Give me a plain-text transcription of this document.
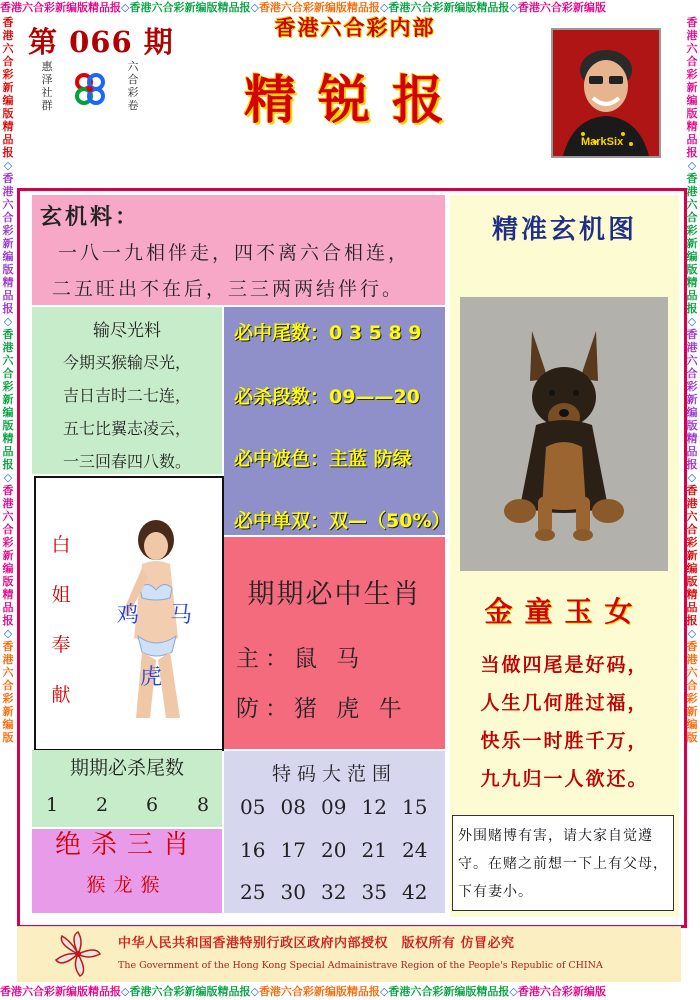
香港六合彩新编版精品报◇香港六合彩新编版精品报◇香港六合彩新编版精品报◇香港六合彩新编版精品报◇香港六合彩新编版
香港六合彩新编版精品报◇香港六合彩新编版精品报◇香港六合彩新编版精品报◇香港六合彩新编版精品报◇香港六合彩新编版
香港六合彩新编版精品报◇香港六合彩新编版精品报◇香港六合彩新编版精品报◇香港六合彩新编版精品报◇香港六合彩新编版
香港六合彩新编版精品报◇香港六合彩新编版精品报◇香港六合彩新编版精品报◇香港六合彩新编版精品报◇香港六合彩新编版
第 066 期
惠泽社群
六合彩卷
香港六合彩内部
精锐报
MarkSix
玄机料：
一八一九相伴走，四不离六合相连，
二五旺出不在后，三三两两结伴行。
输尽光料
今期买猴输尽光，
吉日吉时二七连，
五七比翼志凌云，
一三回春四八数。
必中尾数：0 3 5 8 9
必杀段数：09——20
必中波色：主蓝 防绿
必中单双：双—（50%）
白
姐
奉
献
鸡 马
虎
期期必中生肖
主：鼠 马
防：猪 虎 牛
期期必杀尾数
1 2 6 8
绝杀三肖
猴龙猴
特码大范围
05 08 09 12 15
16 17 20 21 24
25 30 32 35 42
精准玄机图
金童玉女
当做四尾是好码，
人生几何胜过福，
快乐一时胜千万，
九九归一人欲还。
外围赌博有害，请大家自觉遵守。在赌之前想一下上有父母，下有妻小。
中华人民共和国香港特别行政区政府内部授权　版权所有 仿冒必究
The Government of the Hong Kong Special Admainistrave Region of the People's Republic of CHINA
